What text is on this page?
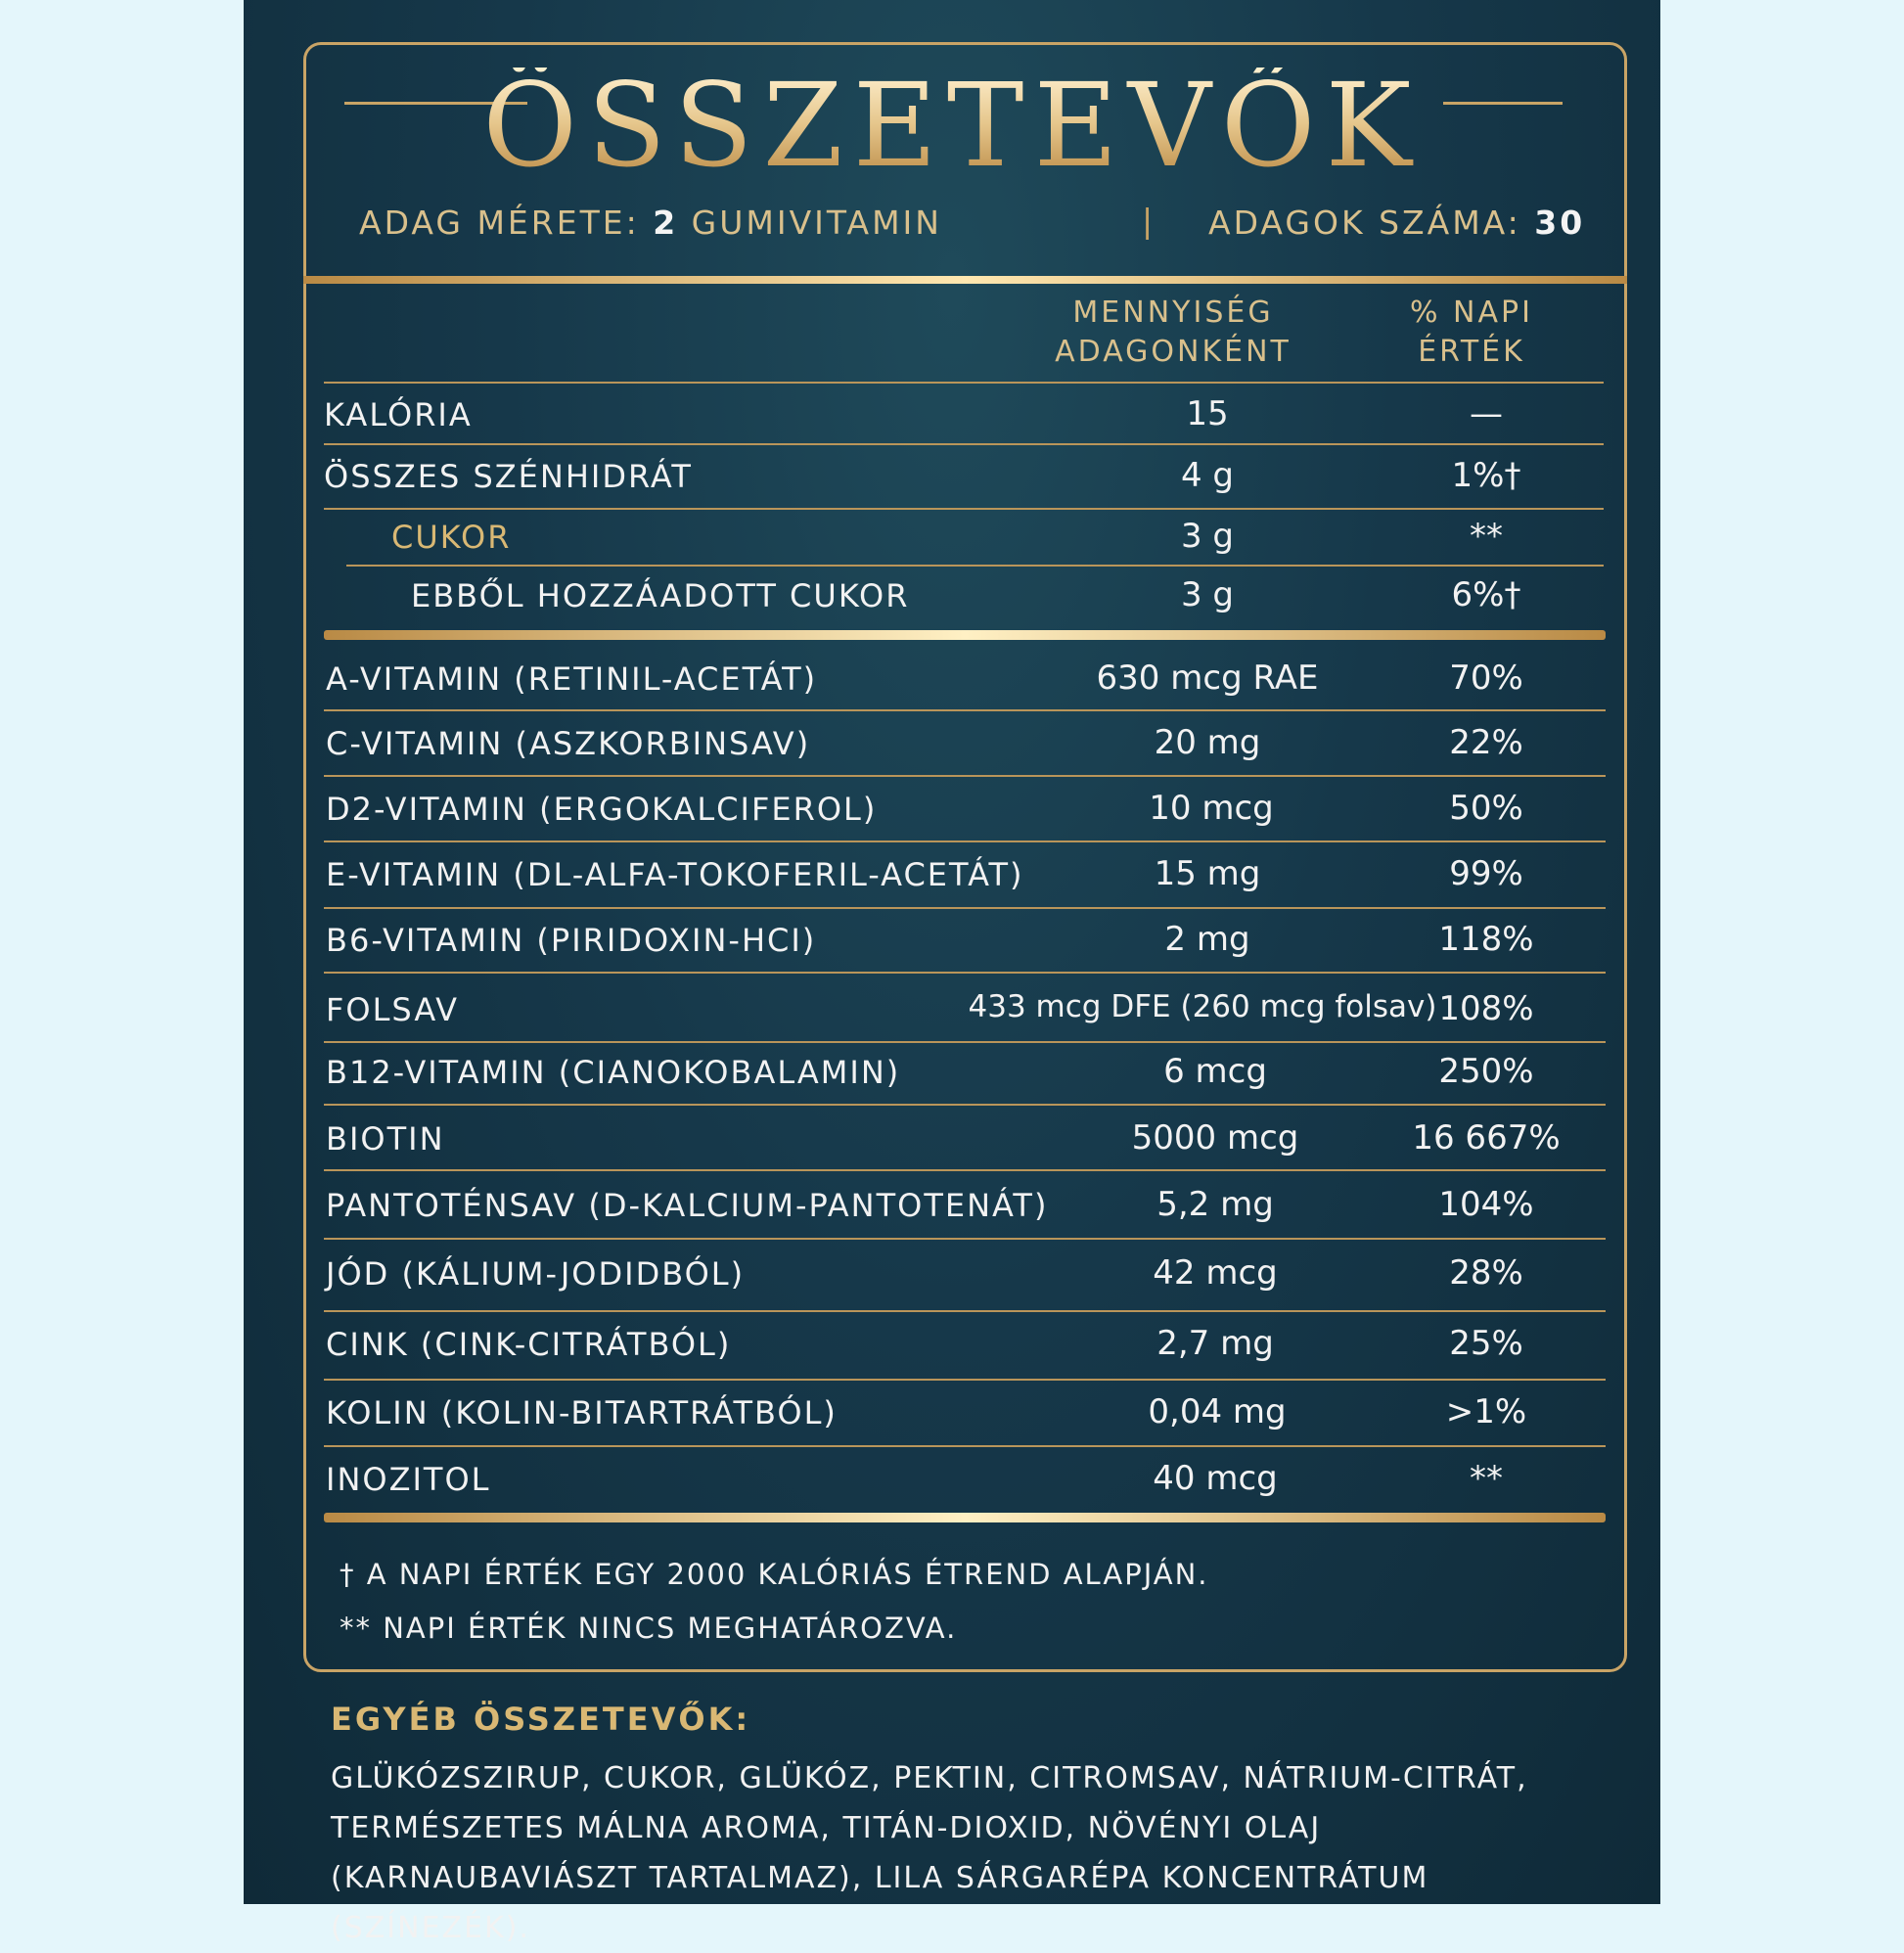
ÖSSZETEVŐK
ADAG MÉRETE: 2 GUMIVITAMIN	| ADAGOK SZÁMA: 30
MENNYISÉG
ADAGONKÉNT
% NAPI
ÉRTÉK
† A NAPI ÉRTÉK EGY 2000 KALÓRIÁS ÉTREND ALAPJÁN.
** NAPI ÉRTÉK NINCS MEGHATÁROZVA.
EGYÉB ÖSSZETEVŐK:
GLÜKÓZSZIRUP, CUKOR, GLÜKÓZ, PEKTIN, CITROMSAV, NÁTRIUM-CITRÁT, TERMÉSZETES MÁLNA AROMA, TITÁN-DIOXID, NÖVÉNYI OLAJ (KARNAUBAVIÁSZT TARTALMAZ), LILA SÁRGARÉPA KONCENTRÁTUM (SZÍNEZÉK).
KALÓRIA	15	—
ÖSSZES SZÉNHIDRÁT	4 g	1%†
CUKOR	3 g	**
EBBŐL HOZZÁADOTT CUKOR	3 g	6%†
A-VITAMIN (RETINIL-ACETÁT)	630 mcg RAE	70%
C-VITAMIN (ASZKORBINSAV)	20 mg	22%
D2-VITAMIN (ERGOKALCIFEROL)	10 mcg	50%
E-VITAMIN (DL-ALFA-TOKOFERIL-ACETÁT)	15 mg	99%
B6-VITAMIN (PIRIDOXIN-HCI)	2 mg	118%
FOLSAV	433 mcg DFE (260 mcg folsav) 108%
B12-VITAMIN (CIANOKOBALAMIN)	6 mcg	250%
BIOTIN	5000 mcg	16 667%
PANTOTÉNSAV (D-KALCIUM-PANTOTENÁT)	5,2 mg	104%
JÓD (KÁLIUM-JODIDBÓL)	42 mcg	28%
CINK (CINK-CITRÁTBÓL)	2,7 mg	25%
KOLIN (KOLIN-BITARTRÁTBÓL)	0,04 mg	>1%
INOZITOL	40 mcg	**
